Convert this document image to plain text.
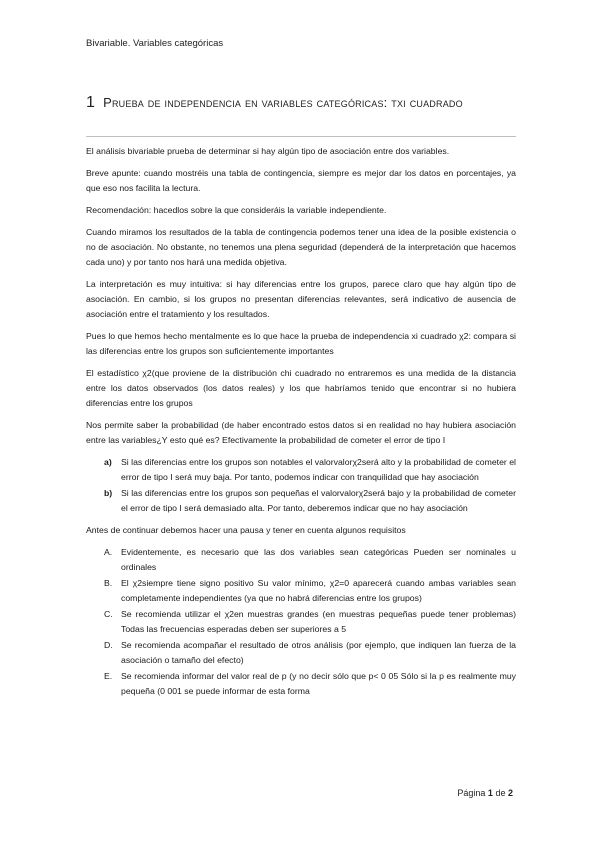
Bivariable. Variables categóricas
1 Prueba de independencia en variables categóricas: txi cuadrado

El análisis bivariable prueba de determinar si hay algún tipo de asociación entre dos variables.

Breve apunte: cuando mostréis una tabla de contingencia, siempre es mejor dar los datos en porcentajes, ya que eso nos facilita la lectura.

Recomendación: hacedlos sobre la que consideráis la variable independiente.

Cuando miramos los resultados de la tabla de contingencia podemos tener una idea de la posible existencia o no de asociación. No obstante, no tenemos una plena seguridad (dependerá de la interpretación que hacemos cada uno) y por tanto nos hará una medida objetiva.

La interpretación es muy intuitiva: si hay diferencias entre los grupos, parece claro que hay algún tipo de asociación. En cambio, si los grupos no presentan diferencias relevantes, será indicativo de ausencia de asociación entre el tratamiento y los resultados.

Pues lo que hemos hecho mentalmente es lo que hace la prueba de independencia xi cuadrado χ2: compara si las diferencias entre los grupos son suficientemente importantes

El estadístico χ2(que proviene de la distribución chi cuadrado no entraremos es una medida de la distancia entre los datos observados (los datos reales) y los que habríamos tenido que encontrar si no hubiera diferencias entre los grupos

Nos permite saber la probabilidad (de haber encontrado estos datos si en realidad no hay hubiera asociación entre las variables¿Y esto qué es? Efectivamente la probabilidad de cometer el error de tipo I

a) Si las diferencias entre los grupos son notables el valorvalorχ2será alto y la probabilidad de cometer el error de tipo I será muy baja. Por tanto, podemos indicar con tranquilidad que hay asociación
b) Si las diferencias entre los grupos son pequeñas el valorvalorχ2será bajo y la probabilidad de cometer el error de tipo I será demasiado alta. Por tanto, deberemos indicar que no hay asociación

Antes de continuar debemos hacer una pausa y tener en cuenta algunos requisitos

A. Evidentemente, es necesario que las dos variables sean categóricas Pueden ser nominales u ordinales
B. El χ2siempre tiene signo positivo Su valor mínimo, χ2=0 aparecerá cuando ambas variables sean completamente independientes (ya que no habrá diferencias entre los grupos)
C. Se recomienda utilizar el χ2en muestras grandes (en muestras pequeñas puede tener problemas) Todas las frecuencias esperadas deben ser superiores a 5
D. Se recomienda acompañar el resultado de otros análisis (por ejemplo, que indiquen lan fuerza de la asociación o tamaño del efecto)
E. Se recomienda informar del valor real de p (y no decir sólo que p< 0 05 Sólo si la p es realmente muy pequeña (0 001 se puede informar de esta forma
Página 1 de 2
